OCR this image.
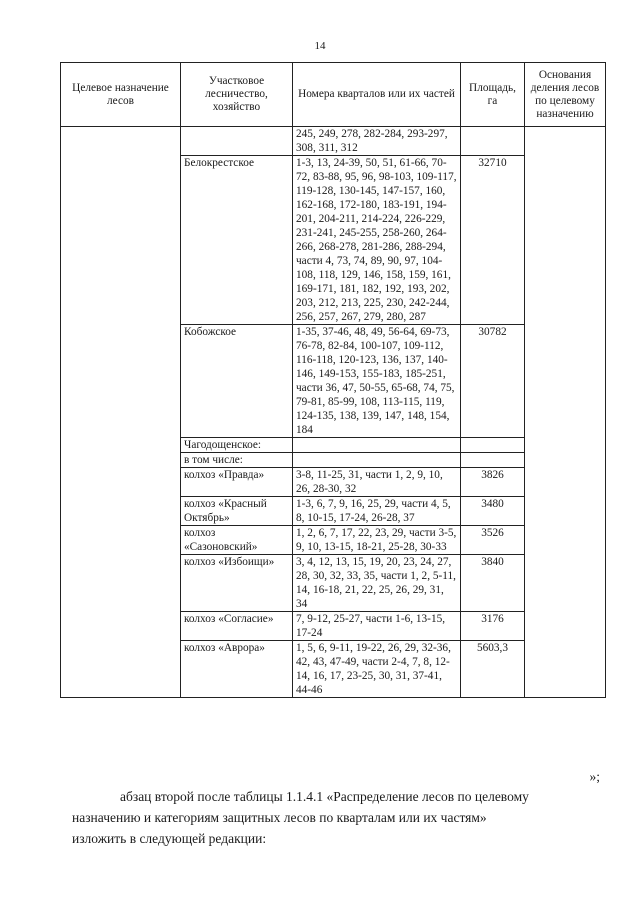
14
Целевое назначение лесов	Участковое лесничество, хозяйство	Номера кварталов или их частей	Площадь, га	Основания деления лесов по целевому назначению
		245, 249, 278, 282-284, 293-297, 308, 311, 312		
	Белокрестское	1-3, 13, 24-39, 50, 51, 61-66, 70-72, 83-88, 95, 96, 98-103, 109-117, 119-128, 130-145, 147-157, 160, 162-168, 172-180, 183-191, 194-201, 204-211, 214-224, 226-229, 231-241, 245-255, 258-260, 264-266, 268-278, 281-286, 288-294, части 4, 73, 74, 89, 90, 97, 104-108, 118, 129, 146, 158, 159, 161, 169-171, 181, 182, 192, 193, 202, 203, 212, 213, 225, 230, 242-244, 256, 257, 267, 279, 280, 287	32710	
	Кобожское	1-35, 37-46, 48, 49, 56-64, 69-73, 76-78, 82-84, 100-107, 109-112, 116-118, 120-123, 136, 137, 140-146, 149-153, 155-183, 185-251, части 36, 47, 50-55, 65-68, 74, 75, 79-81, 85-99, 108, 113-115, 119, 124-135, 138, 139, 147, 148, 154, 184	30782	
	Чагодощенское:			
	в том числе:			
	колхоз «Правда»	3-8, 11-25, 31, части 1, 2, 9, 10, 26, 28-30, 32	3826	
	колхоз «Красный Октябрь»	1-3, 6, 7, 9, 16, 25, 29, части 4, 5, 8, 10-15, 17-24, 26-28, 37	3480	
	колхоз «Сазоновский»	1, 2, 6, 7, 17, 22, 23, 29, части 3-5, 9, 10, 13-15, 18-21, 25-28, 30-33	3526	
	колхоз «Избоищи»	3, 4, 12, 13, 15, 19, 20, 23, 24, 27, 28, 30, 32, 33, 35, части 1, 2, 5-11, 14, 16-18, 21, 22, 25, 26, 29, 31, 34	3840	
	колхоз «Согласие»	7, 9-12, 25-27, части 1-6, 13-15, 17-24	3176	
	колхоз «Аврора»	1, 5, 6, 9-11, 19-22, 26, 29, 32-36, 42, 43, 47-49, части 2-4, 7, 8, 12-14, 16, 17, 23-25, 30, 31, 37-41, 44-46	5603,3	
»;
абзац второй после таблицы 1.1.4.1 «Распределение лесов по целевому
назначению и категориям защитных лесов по кварталам или их частям»
изложить в следующей редакции:
